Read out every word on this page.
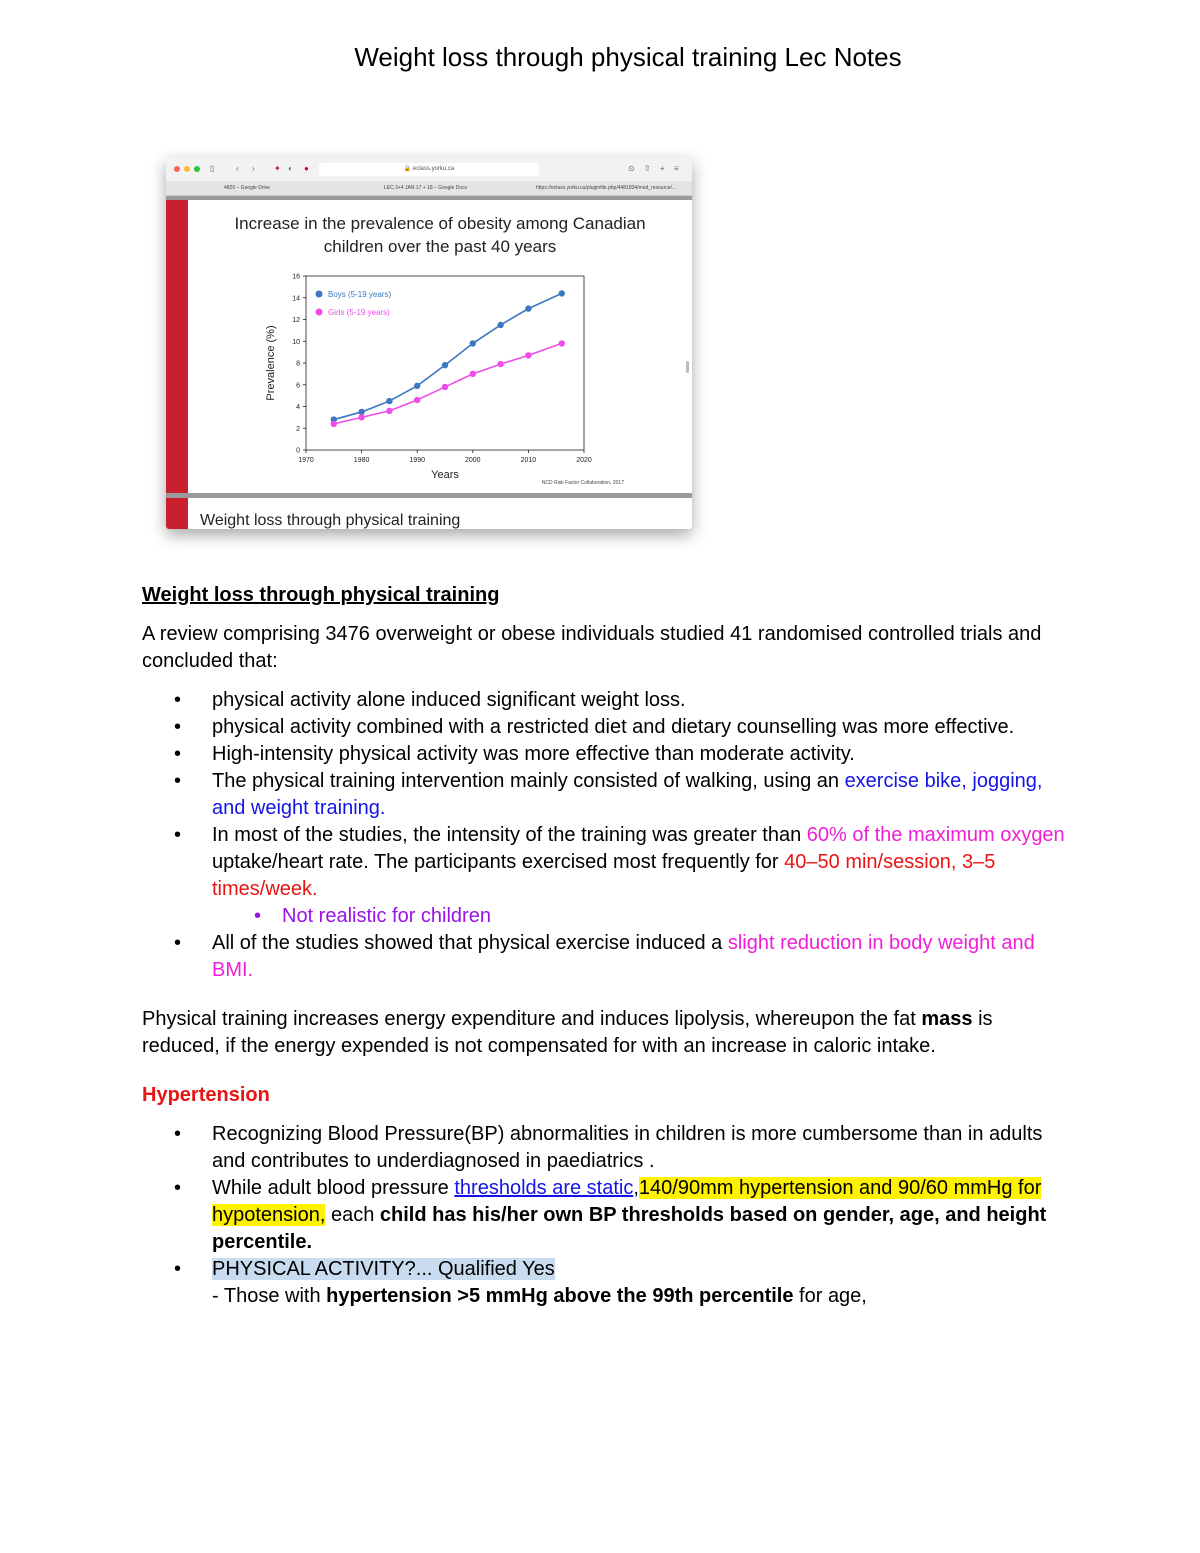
Weight loss through physical training Lec Notes
▯	‹ › ✦ ◐ ●	🔒 eclass.yorku.ca	⊙ ⇧ + ≡
4820 – Google Drive	LEC 3+4 JAN 17 + 18 – Google Docs	https://eclass.yorku.ca/pluginfile.php/4481834/mod_resource/...
Increase in the prevalence of obesity among Canadian
children over the past 40 years
0
2
4
6
8
10
12
14
16
1970	1980	1990	2000	2010	2020
Years
Prevalence (%)
Boys (5-19 years)
Girls (5-19 years)
NCD Risk Factor Collaboration, 2017
Weight loss through physical training
Weight loss through physical training
A review comprising 3476 overweight or obese individuals studied 41 randomised controlled trials and concluded that:
• physical activity alone induced significant weight loss.
• physical activity combined with a restricted diet and dietary counselling was more effective.
• High-intensity physical activity was more effective than moderate activity.
• The physical training intervention mainly consisted of walking, using an exercise bike, jogging, and weight training.
• In most of the studies, the intensity of the training was greater than 60% of the maximum oxygen uptake/heart rate. The participants exercised most frequently for 40–50 min/session, 3–5 times/week.
• Not realistic for children
• All of the studies showed that physical exercise induced a slight reduction in body weight and BMI.
Physical training increases energy expenditure and induces lipolysis, whereupon the fat mass is reduced, if the energy expended is not compensated for with an increase in caloric intake.
Hypertension
• Recognizing Blood Pressure(BP) abnormalities in children is more cumbersome than in adults and contributes to underdiagnosed in paediatrics .
• While adult blood pressure thresholds are static,140/90mm hypertension and 90/60 mmHg for hypotension, each child has his/her own BP thresholds based on gender, age, and height percentile.
• PHYSICAL ACTIVITY?... Qualified Yes
- Those with hypertension >5 mmHg above the 99th percentile for age,
